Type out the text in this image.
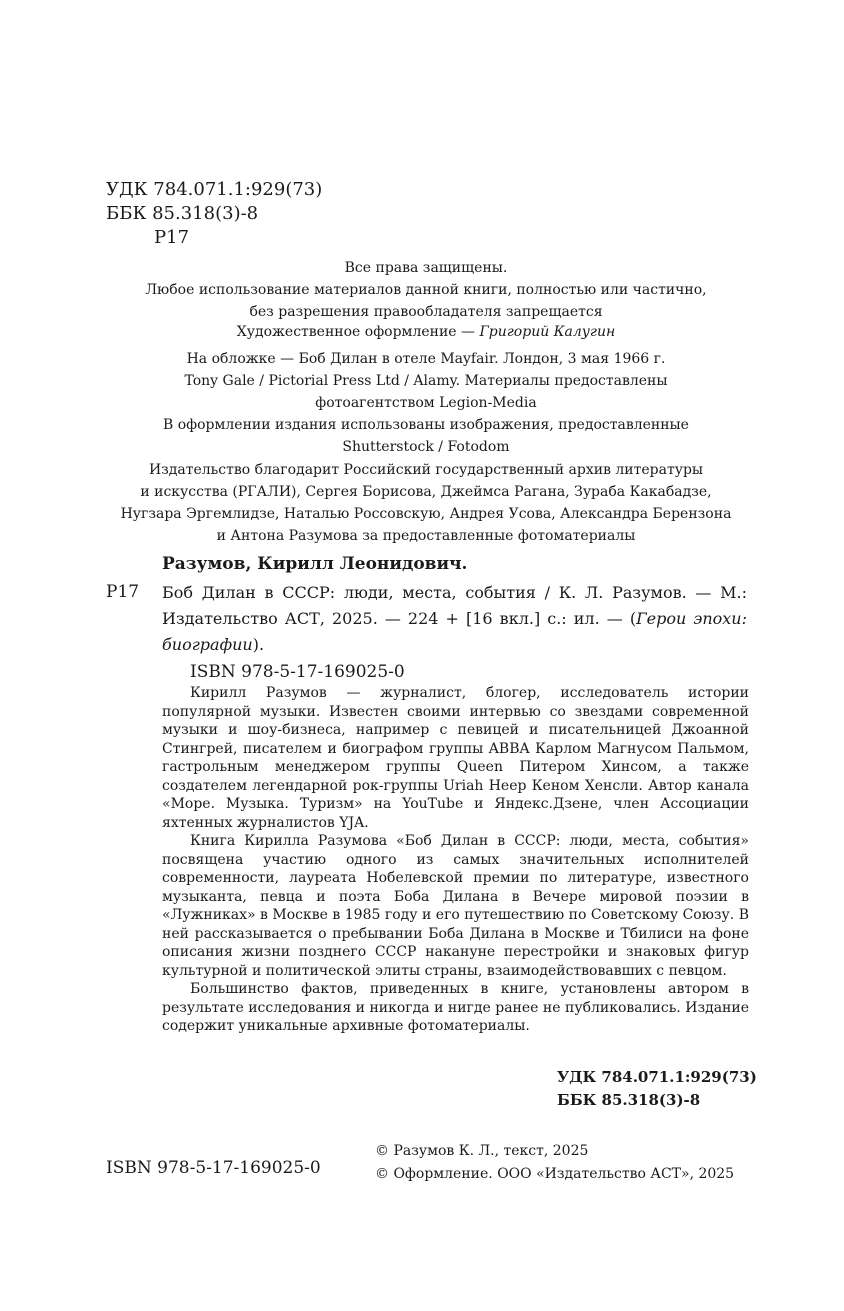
УДК 784.071.1:929(73)
ББК 85.318(3)-8
Р17

Все права защищены.

Любое использование материалов данной книги, полностью или частично,

без разрешения правообладателя запрещается

Художественное оформление — Григорий Калугин

На обложке — Боб Дилан в отеле Mayfair. Лондон, 3 мая 1966 г.

Tony Gale / Pictorial Press Ltd / Alamy. Материалы предоставлены

фотоагентством Legion-Media

В оформлении издания использованы изображения, предоставленные

Shutterstock / Fotodom

Издательство благодарит Российский государственный архив литературы

и искусства (РГАЛИ), Сергея Борисова, Джеймса Рагана, Зураба Какабадзе,

Нугзара Эргемлидзе, Наталью Россовскую, Андрея Усова, Александра Берензона

и Антона Разумова за предоставленные фотоматериалы

Разумов, Кирилл Леонидович.
Р17 Боб Дилан в СССР: люди, места, события / К. Л. Разумов. — М.: Издательство АСТ, 2025. — 224 + [16 вкл.] с.: ил. — (Герои эпохи: биографии).

ISBN 978-5-17-169025-0

Кирилл Разумов — журналист, блогер, исследователь истории популярной музыки. Известен своими интервью со звездами современной музыки и шоу-бизнеса, например с певицей и писательницей Джоанной Стингрей, писателем и биографом группы ABBA Карлом Магнусом Пальмом, гастрольным менеджером группы Queen Питером Хинсом, а также создателем легендарной рок-группы Uriah Heep Кеном Хенсли. Автор канала «Море. Музыка. Туризм» на YouTube и Яндекс.Дзене, член Ассоциации яхтенных журналистов YJA.

Книга Кирилла Разумова «Боб Дилан в СССР: люди, места, события» посвящена участию одного из самых значительных исполнителей современности, лауреата Нобелевской премии по литературе, известного музыканта, певца и поэта Боба Дилана в Вечере мировой поэзии в «Лужниках» в Москве в 1985 году и его путешествию по Советскому Союзу. В ней рассказывается о пребывании Боба Дилана в Москве и Тбилиси на фоне описания жизни позднего СССР накануне перестройки и знаковых фигур культурной и политической элиты страны, взаимодействовавших с певцом.

Большинство фактов, приведенных в книге, установлены автором в результате исследования и никогда и нигде ранее не публиковались. Издание содержит уникальные архивные фотоматериалы.

УДК 784.071.1:929(73)
ББК 85.318(3)-8
ISBN 978-5-17-169025-0
© Разумов К. Л., текст, 2025
© Оформление. ООО «Издательство АСТ», 2025
